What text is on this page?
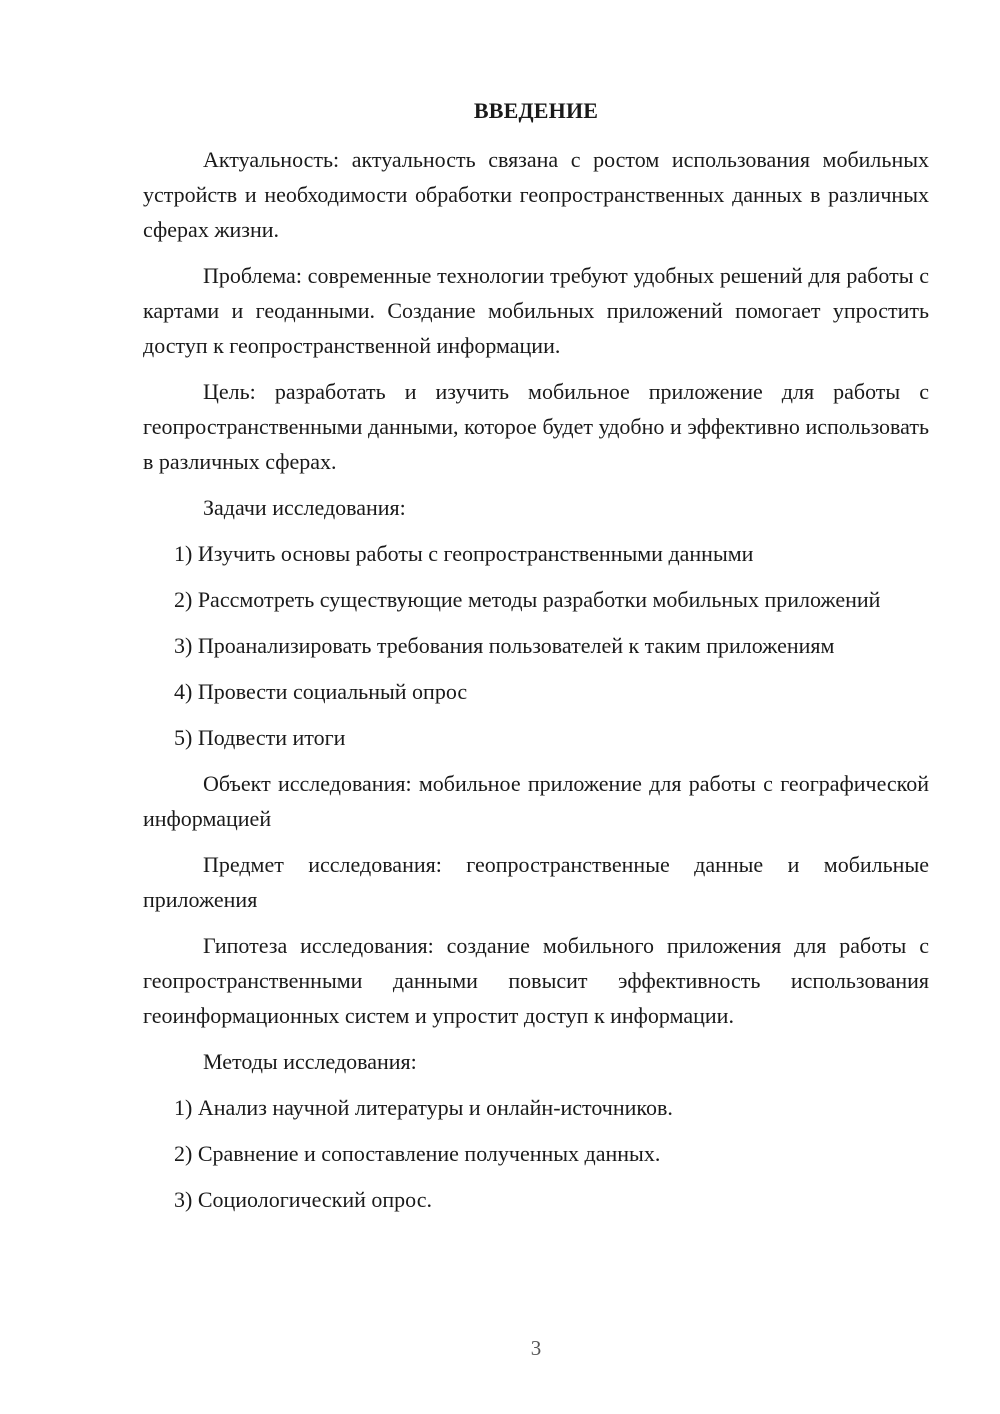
ВВЕДЕНИЕ

Актуальность: актуальность связана с ростом использования мобильных устройств и необходимости обработки геопространственных данных в различных сферах жизни.

Проблема: современные технологии требуют удобных решений для работы с картами и геоданными. Создание мобильных приложений помогает упростить доступ к геопространственной информации.

Цель: разработать и изучить мобильное приложение для работы с геопространственными данными, которое будет удобно и эффективно использовать в различных сферах.

Задачи исследования:

1) Изучить основы работы с геопространственными данными

2) Рассмотреть существующие методы разработки мобильных приложений

3) Проанализировать требования пользователей к таким приложениям

4) Провести социальный опрос

5) Подвести итоги

Объект исследования: мобильное приложение для работы с географической информацией

Предмет исследования: геопространственные данные и мобильные приложения

Гипотеза исследования: создание мобильного приложения для работы с геопространственными данными повысит эффективность использования геоинформационных систем и упростит доступ к информации.

Методы исследования:

1) Анализ научной литературы и онлайн-источников.

2) Сравнение и сопоставление полученных данных.

3) Социологический опрос.

3
